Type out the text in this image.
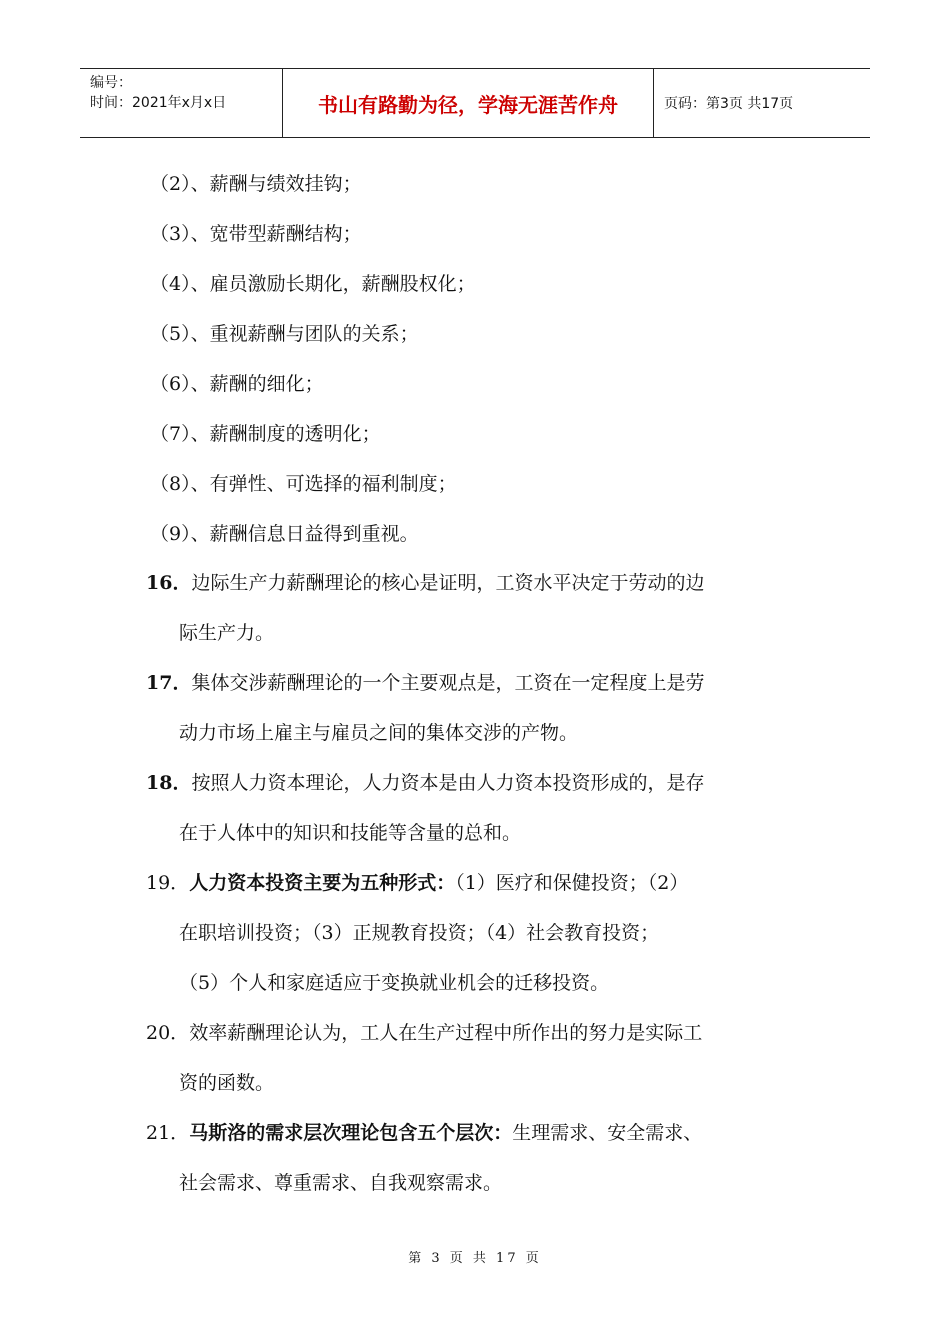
编号：
时间：2021年x月x日	书山有路勤为径，学海无涯苦作舟	页码：第3页 共17页
（2）、薪酬与绩效挂钩；
（3）、宽带型薪酬结构；
（4）、雇员激励长期化，薪酬股权化；
（5）、重视薪酬与团队的关系；
（6）、薪酬的细化；
（7）、薪酬制度的透明化；
（8）、有弹性、可选择的福利制度；
（9）、薪酬信息日益得到重视。
16．边际生产力薪酬理论的核心是证明，工资水平决定于劳动的边
际生产力。
17．集体交涉薪酬理论的一个主要观点是，工资在一定程度上是劳
动力市场上雇主与雇员之间的集体交涉的产物。
18．按照人力资本理论，人力资本是由人力资本投资形成的，是存
在于人体中的知识和技能等含量的总和。
19．人力资本投资主要为五种形式：（1）医疗和保健投资；（2）
在职培训投资；（3）正规教育投资；（4）社会教育投资；
（5）个人和家庭适应于变换就业机会的迁移投资。
20．效率薪酬理论认为，工人在生产过程中所作出的努力是实际工
资的函数。
21．马斯洛的需求层次理论包含五个层次：生理需求、安全需求、
社会需求、尊重需求、自我观察需求。
第 3 页 共 17 页
